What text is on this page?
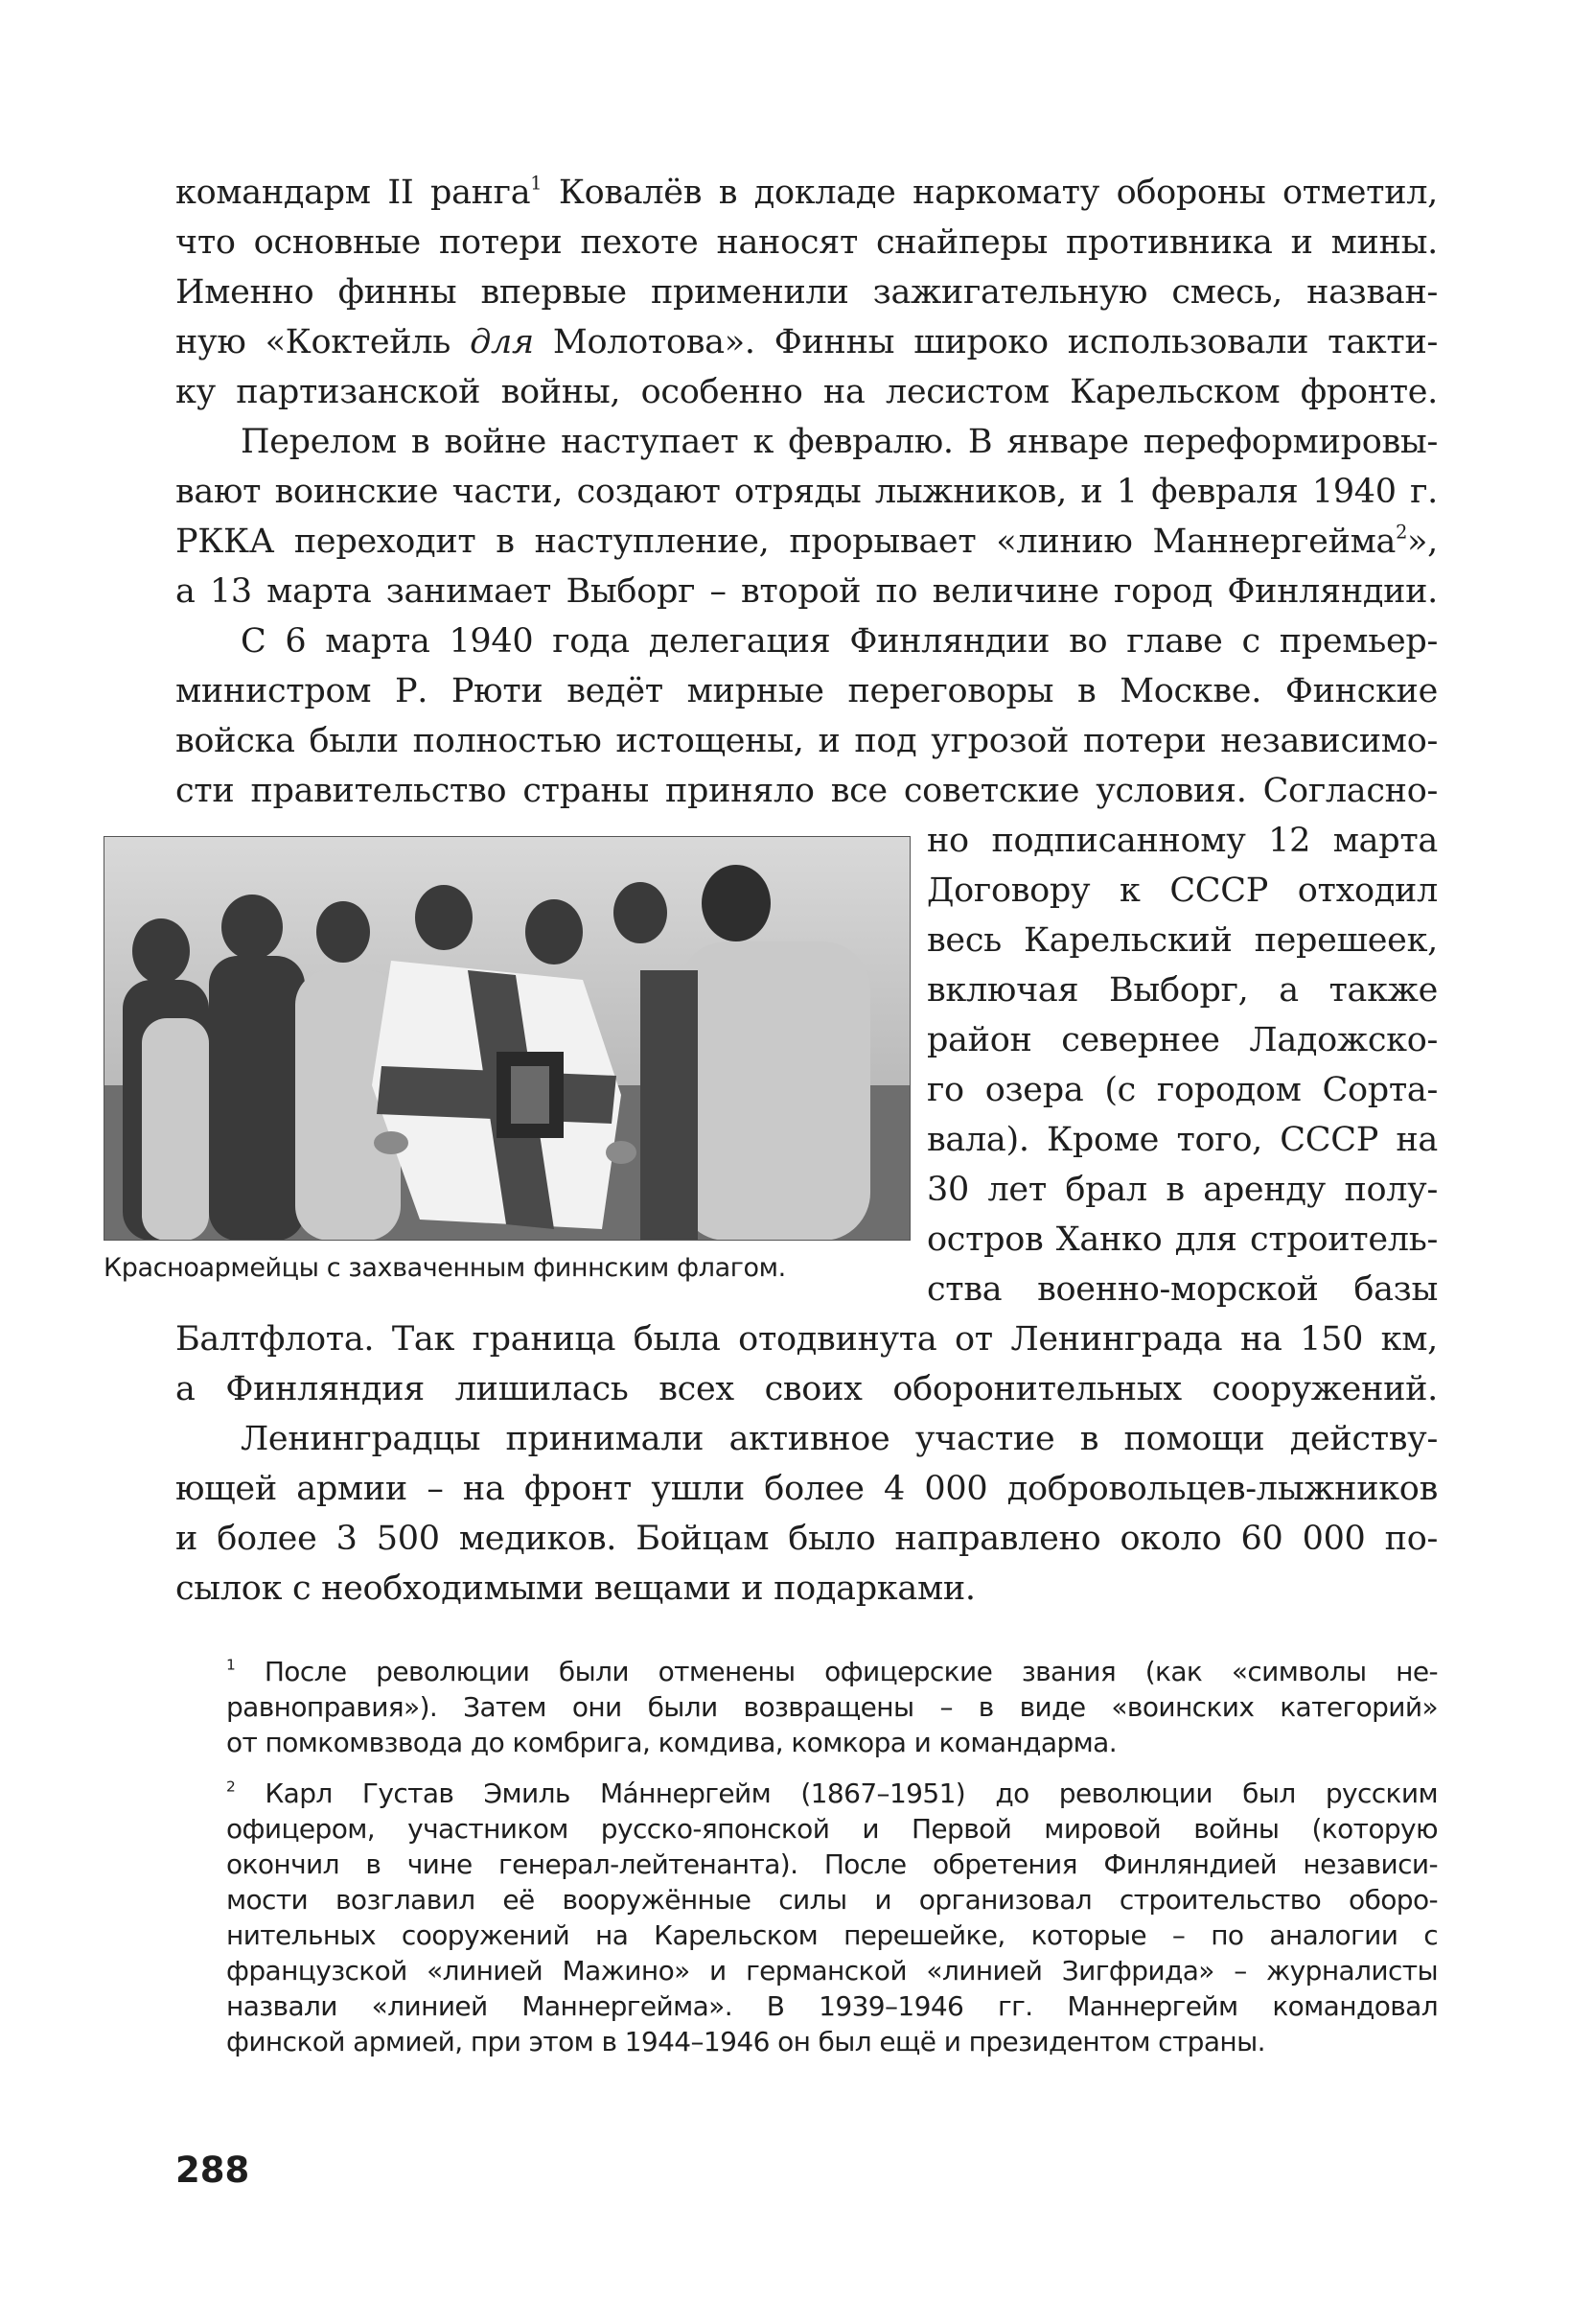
командарм II ранга$^1$ Ковалёв в докладе наркомату обороны отметил,
что основные потери пехоте наносят снайперы противника и мины.
Именно финны впервые применили зажигательную смесь, назван-
ную «Коктейль для Молотова». Финны широко использовали такти-
ку партизанской войны, особенно на лесистом Карельском фронте.
Перелом в войне наступает к февралю. В январе переформировы-
вают воинские части, создают отряды лыжников, и 1 февраля 1940 г.
РККА переходит в наступление, прорывает «линию Маннергейма$^2$»,
а 13 марта занимает Выборг – второй по величине город Финляндии.
С 6 марта 1940 года делегация Финляндии во главе с премьер-
министром Р. Рюти ведёт мирные переговоры в Москве. Финские
войска были полностью истощены, и под угрозой потери независимо-
сти правительство страны приняло все советские условия. Согласно-
Красноармейцы с захваченным финнским флагом.
но подписанному 12 марта
Договору к СССР отходил
весь Карельский перешеек,
включая Выборг, а также
район севернее Ладожско-
го озера (с городом Сорта-
вала). Кроме того, СССР на
30 лет брал в аренду полу-
остров Ханко для строитель-
ства военно-морской базы
Балтфлота. Так граница была отодвинута от Ленинграда на 150 км,
а Финляндия лишилась всех своих оборонительных сооружений.
Ленинградцы принимали активное участие в помощи действу-
ющей армии – на фронт ушли более 4 000 добровольцев-лыжников
и более 3 500 медиков. Бойцам было направлено около 60 000 по-
сылок с необходимыми вещами и подарками.
$^1$ После революции были отменены офицерские звания (как «символы не-
равноправия»). Затем они были возвращены – в виде «воинских категорий»
от помкомвзвода до комбрига, комдива, комкора и командарма.
$^2$ Карл Густав Эмиль Ма́ннергейм (1867–1951) до революции был русским
офицером, участником русско-японской и Первой мировой войны (которую
окончил в чине генерал-лейтенанта). После обретения Финляндией независи-
мости возглавил её вооружённые силы и организовал строительство оборо-
нительных сооружений на Карельском перешейке, которые – по аналогии с
французской «линией Мажино» и германской «линией Зигфрида» – журналисты
назвали «линией Маннергейма». В 1939–1946 гг. Маннергейм командовал
финской армией, при этом в 1944–1946 он был ещё и президентом страны.
288
